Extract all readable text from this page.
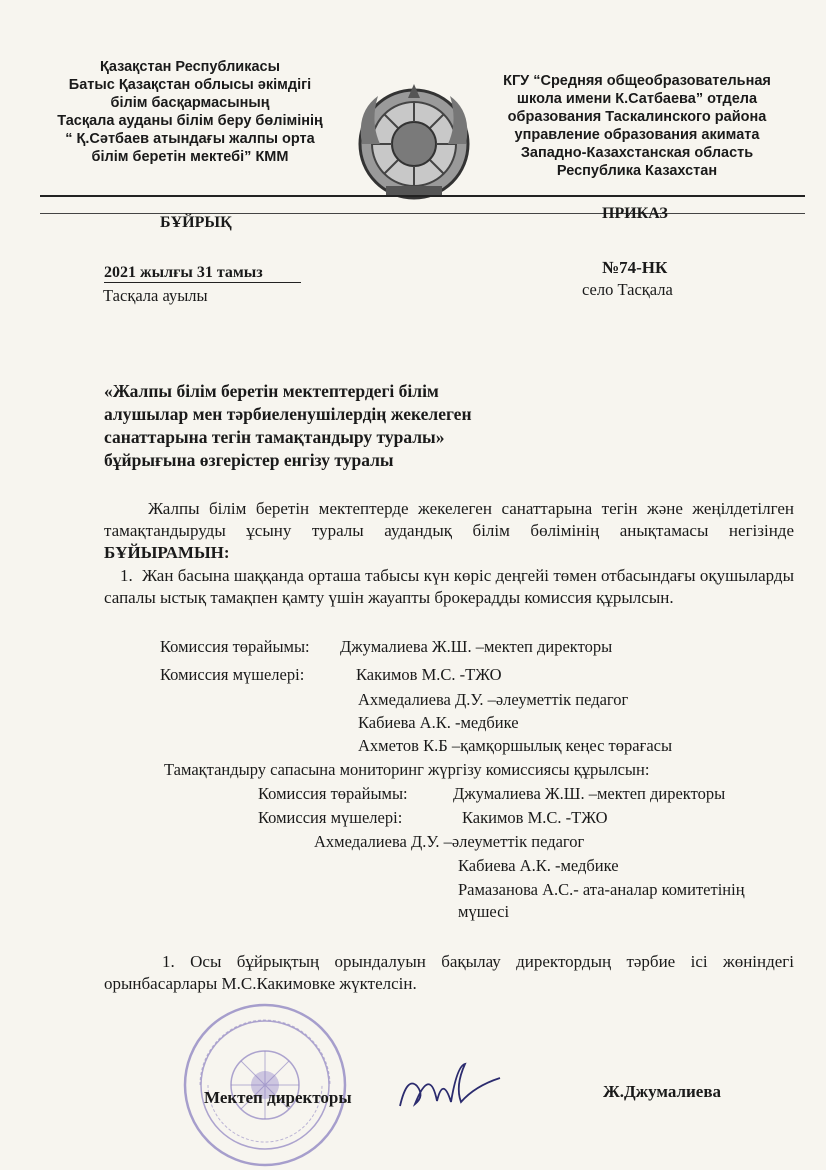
Қазақстан Республикасы
Батыс Қазақстан облысы әкімдігі
білім басқармасының
Тасқала ауданы білім беру бөлімінің
“ Қ.Сәтбаев атындағы жалпы орта
білім беретін мектебі” КММ
КГУ “Средняя общеобразовательная
школа имени К.Сатбаева” отдела
образования Таскалинского района
управление образования акимата
Западно-Казахстанская область
Республика Казахстан
БҰЙРЫҚ
ПРИКАЗ
2021 жылғы 31 тамыз	№74-НК
Тасқала ауылы	село Тасқала
«Жалпы білім беретін мектептердегі білім
алушылар мен тәрбиеленушілердің жекелеген
санаттарына тегін тамақтандыру туралы»
бұйрығына өзгерістер енгізу туралы
Жалпы білім беретін мектептерде жекелеген санаттарына тегін және жеңілдетілген тамақтандыруды ұсыну туралы аудандық білім бөлімінің анықтамасы негізінде БҰЙЫРАМЫН:
1. Жан басына шаққанда орташа табысы күн көріс деңгейі төмен отбасындағы оқушыларды сапалы ыстық тамақпен қамту үшін жауапты брокерадды комиссия құрылсын.
Комиссия төрайымы: Джумалиева Ж.Ш. –мектеп директоры
Комиссия мүшелері:	Какимов М.С. -ТЖО
Ахмедалиева Д.У. –әлеуметтік педагог
Кабиева А.К. -медбике
Ахметов К.Б –қамқоршылық кеңес төрағасы
Тамақтандыру сапасына мониторинг жүргізу комиссиясы құрылсын:
Комиссия төрайымы:	Джумалиева Ж.Ш. –мектеп директоры
Комиссия мүшелері:	Какимов М.С. -ТЖО
Ахмедалиева Д.У. –әлеуметтік педагог
Кабиева А.К. -медбике
Рамазанова А.С.- ата-аналар комитетінің
мүшесі
1. Осы бұйрықтың орындалуын бақылау директордың тәрбие ісі жөніндегі орынбасарлары М.С.Какимовке жүктелсін.
Мектеп директоры	Ж.Джумалиева
